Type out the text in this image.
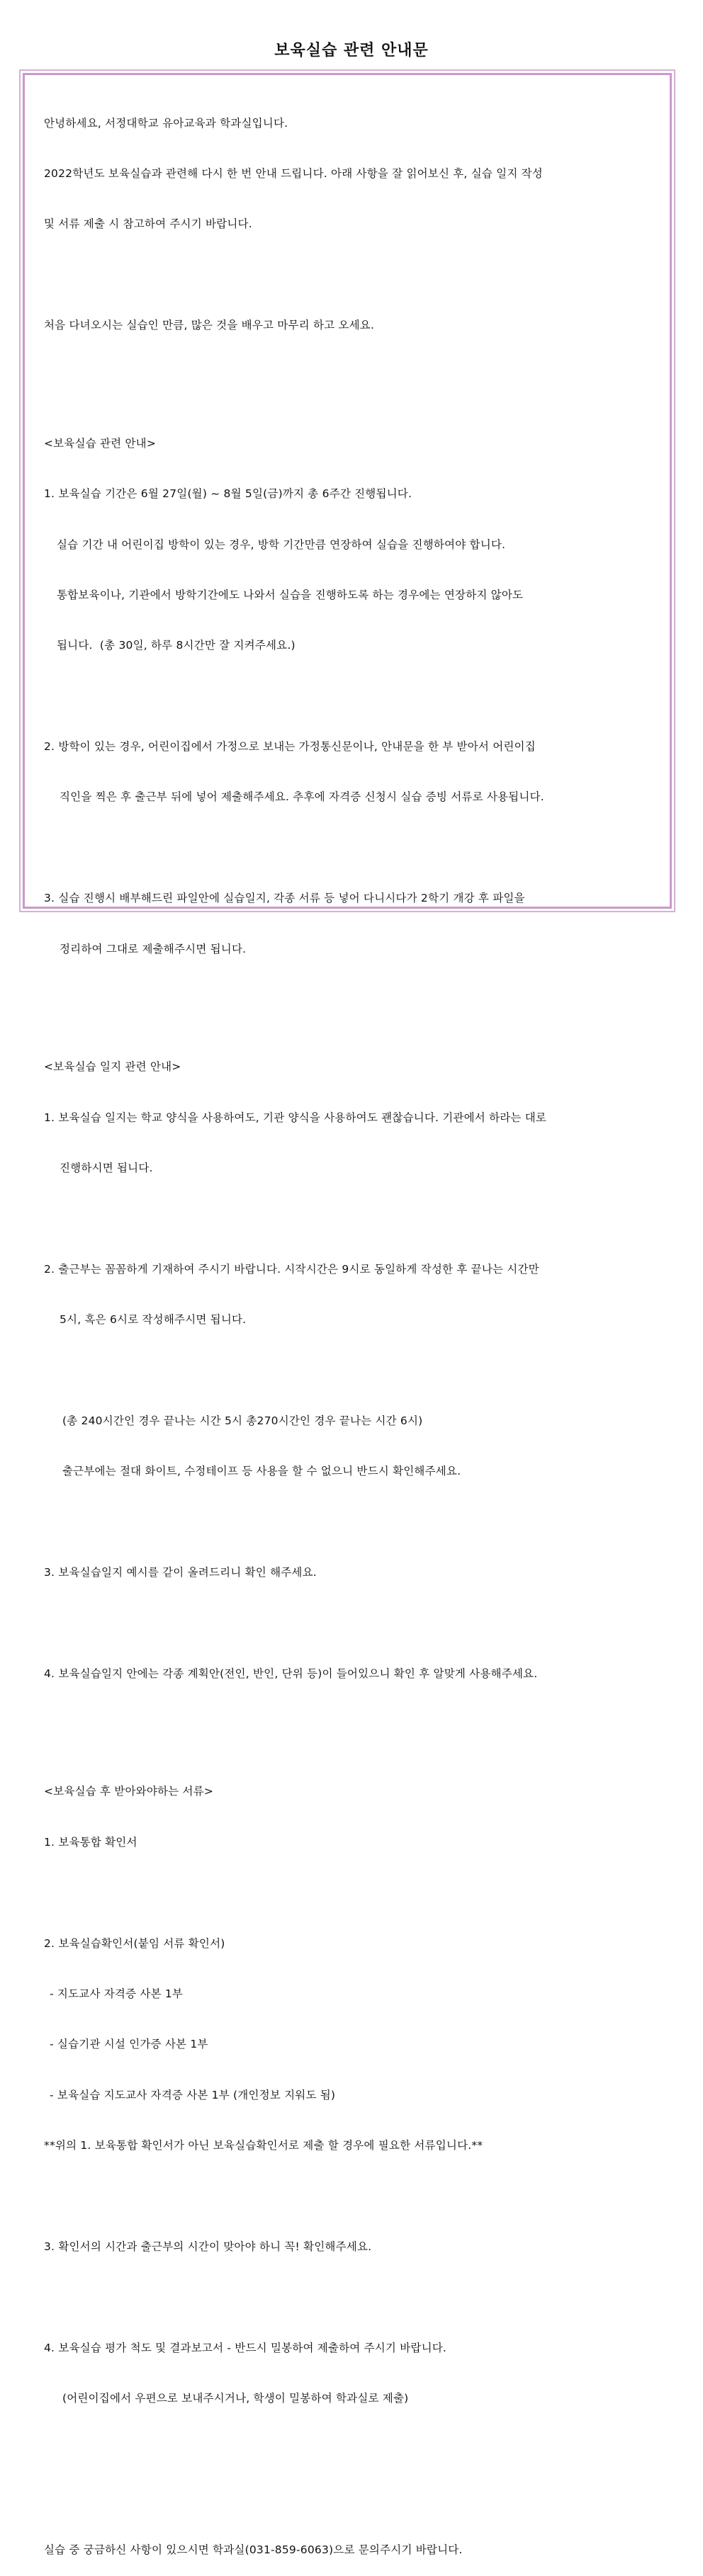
보육실습 관련 안내문

안녕하세요, 서정대학교 유아교육과 학과실입니다.

2022학년도 보육실습과 관련해 다시 한 번 안내 드립니다. 아래 사항을 잘 읽어보신 후, 실습 일지 작성

및 서류 제출 시 참고하여 주시기 바랍니다.

처음 다녀오시는 실습인 만큼, 많은 것을 배우고 마무리 하고 오세요.

<보육실습 관련 안내>

1. 보육실습 기간은 6월 27일(월) ~ 8월 5일(금)까지 총 6주간 진행됩니다.

실습 기간 내 어린이집 방학이 있는 경우, 방학 기간만큼 연장하여 실습을 진행하여야 합니다.

통합보육이나, 기관에서 방학기간에도 나와서 실습을 진행하도록 하는 경우에는 연장하지 않아도

됩니다.  (총 30일, 하루 8시간만 잘 지켜주세요.)

2. 방학이 있는 경우, 어린이집에서 가정으로 보내는 가정통신문이나, 안내문을 한 부 받아서 어린이집

직인을 찍은 후 출근부 뒤에 넣어 제출해주세요. 추후에 자격증 신청시 실습 증빙 서류로 사용됩니다.

3. 실습 진행시 배부해드린 파일안에 실습일지, 각종 서류 등 넣어 다니시다가 2학기 개강 후 파일을

정리하여 그대로 제출해주시면 됩니다.

<보육실습 일지 관련 안내>

1. 보육실습 일지는 학교 양식을 사용하여도, 기관 양식을 사용하여도 괜찮습니다. 기관에서 하라는 대로

진행하시면 됩니다.

2. 출근부는 꼼꼼하게 기재하여 주시기 바랍니다. 시작시간은 9시로 동일하게 작성한 후 끝나는 시간만

5시, 혹은 6시로 작성해주시면 됩니다.

(총 240시간인 경우 끝나는 시간 5시 총270시간인 경우 끝나는 시간 6시)

출근부에는 절대 화이트, 수정테이프 등 사용을 할 수 없으니 반드시 확인해주세요.

3. 보육실습일지 예시를 같이 올려드리니 확인 해주세요.

4. 보육실습일지 안에는 각종 계획안(전인, 반인, 단위 등)이 들어있으니 확인 후 알맞게 사용해주세요.

<보육실습 후 받아와야하는 서류>

1. 보육통합 확인서

2. 보육실습확인서(붙임 서류 확인서)

- 지도교사 자격증 사본 1부

- 실습기관 시설 인가증 사본 1부

- 보육실습 지도교사 자격증 사본 1부 (개인정보 지워도 됨)

**위의 1. 보육통합 확인서가 아닌 보육실습확인서로 제출 할 경우에 필요한 서류입니다.**

3. 확인서의 시간과 출근부의 시간이 맞아야 하니 꼭! 확인해주세요.

4. 보육실습 평가 척도 및 결과보고서 - 반드시 밀봉하여 제출하여 주시기 바랍니다.

(어린이집에서 우편으로 보내주시거나, 학생이 밀봉하여 학과실로 제출)

실습 중 궁금하신 사항이 있으시면 학과실(031-859-6063)으로 문의주시기 바랍니다.
